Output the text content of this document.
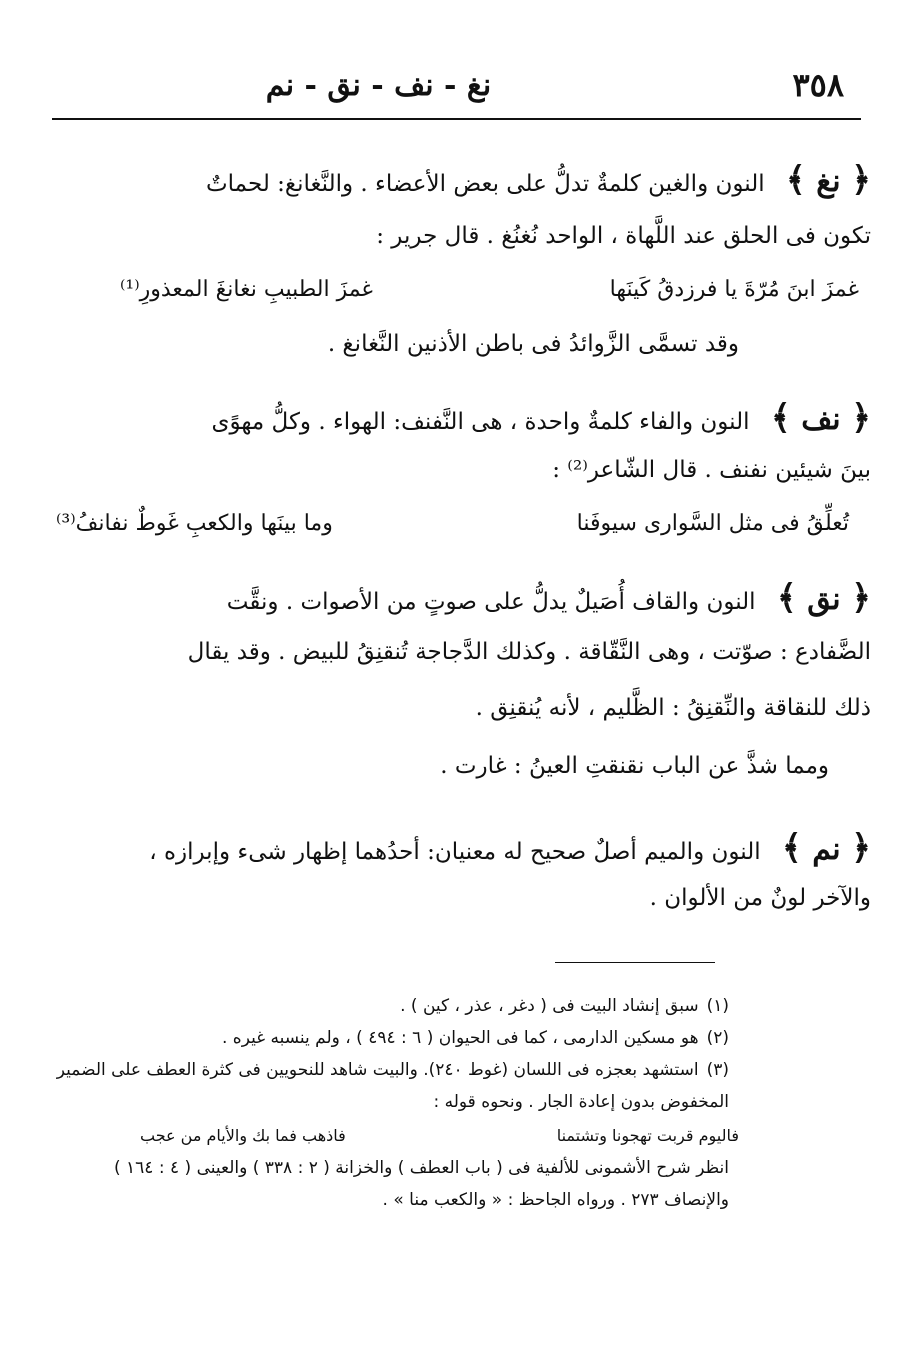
٣٥٨
نغ - نف - نق - نم
﴿ نغ ﴾ النون والغين كلمةٌ تدلُّ على بعض الأعضاء . والنَّغانغ: لحماتٌ
تكون فى الحلق عند اللَّهاة ، الواحد نُغنُغ . قال جرير :
غمزَ ابنَ مُرّةَ يا فرزدقُ كَينَها
غمزَ الطبيبِ نغانغَ المعذورِ⁽¹⁾
وقد تسمَّى الزَّوائدُ فى باطن الأذنين النَّغانغ .
﴿ نف ﴾ النون والفاء كلمةٌ واحدة ، هى النَّفنف: الهواء . وكلُّ مهوًى
بينَ شيئين نفنف . قال الشّاعر⁽²⁾ :
تُعلِّقُ فى مثل السَّوارى سيوفَنا
وما بينَها والكعبِ غَوطٌ نفانفُ⁽³⁾
﴿ نق ﴾ النون والقاف أُصَيلٌ يدلُّ على صوتٍ من الأصوات . ونقَّت
الضَّفادع : صوّتت ، وهى النَّقّاقة . وكذلك الدَّجاجة تُنقنِقُ للبيض . وقد يقال
ذلك للنقاقة والنِّقنِقُ : الظَّليم ، لأنه يُنقنِق .
ومما شذَّ عن الباب نقنقتِ العينُ : غارت .
﴿ نم ﴾ النون والميم أصلٌ صحيح له معنيان: أحدُهما إظهار شىء وإبرازه ،
والآخر لونٌ من الألوان .
(١)سبق إنشاد البيت فى ( دغر ، عذر ، كين ) .
(٢)هو مسكين الدارمى ، كما فى الحيوان ( ٦ : ٤٩٤ ) ، ولم ينسبه غيره .
(٣)استشهد بعجزه فى اللسان (غوط ٢٤٠). والبيت شاهد للنحويين فى كثرة العطف على الضمير
المخفوض بدون إعادة الجار . ونحوه قوله :
فاليوم قربت تهجونا وتشتمنا
فاذهب فما بك والأيام من عجب
انظر شرح الأشمونى للألفية فى ( باب العطف ) والخزانة ( ٢ : ٣٣٨ ) والعينى ( ٤ : ١٦٤ )
والإنصاف ٢٧٣ . ورواه الجاحظ : « والكعب منا » .
